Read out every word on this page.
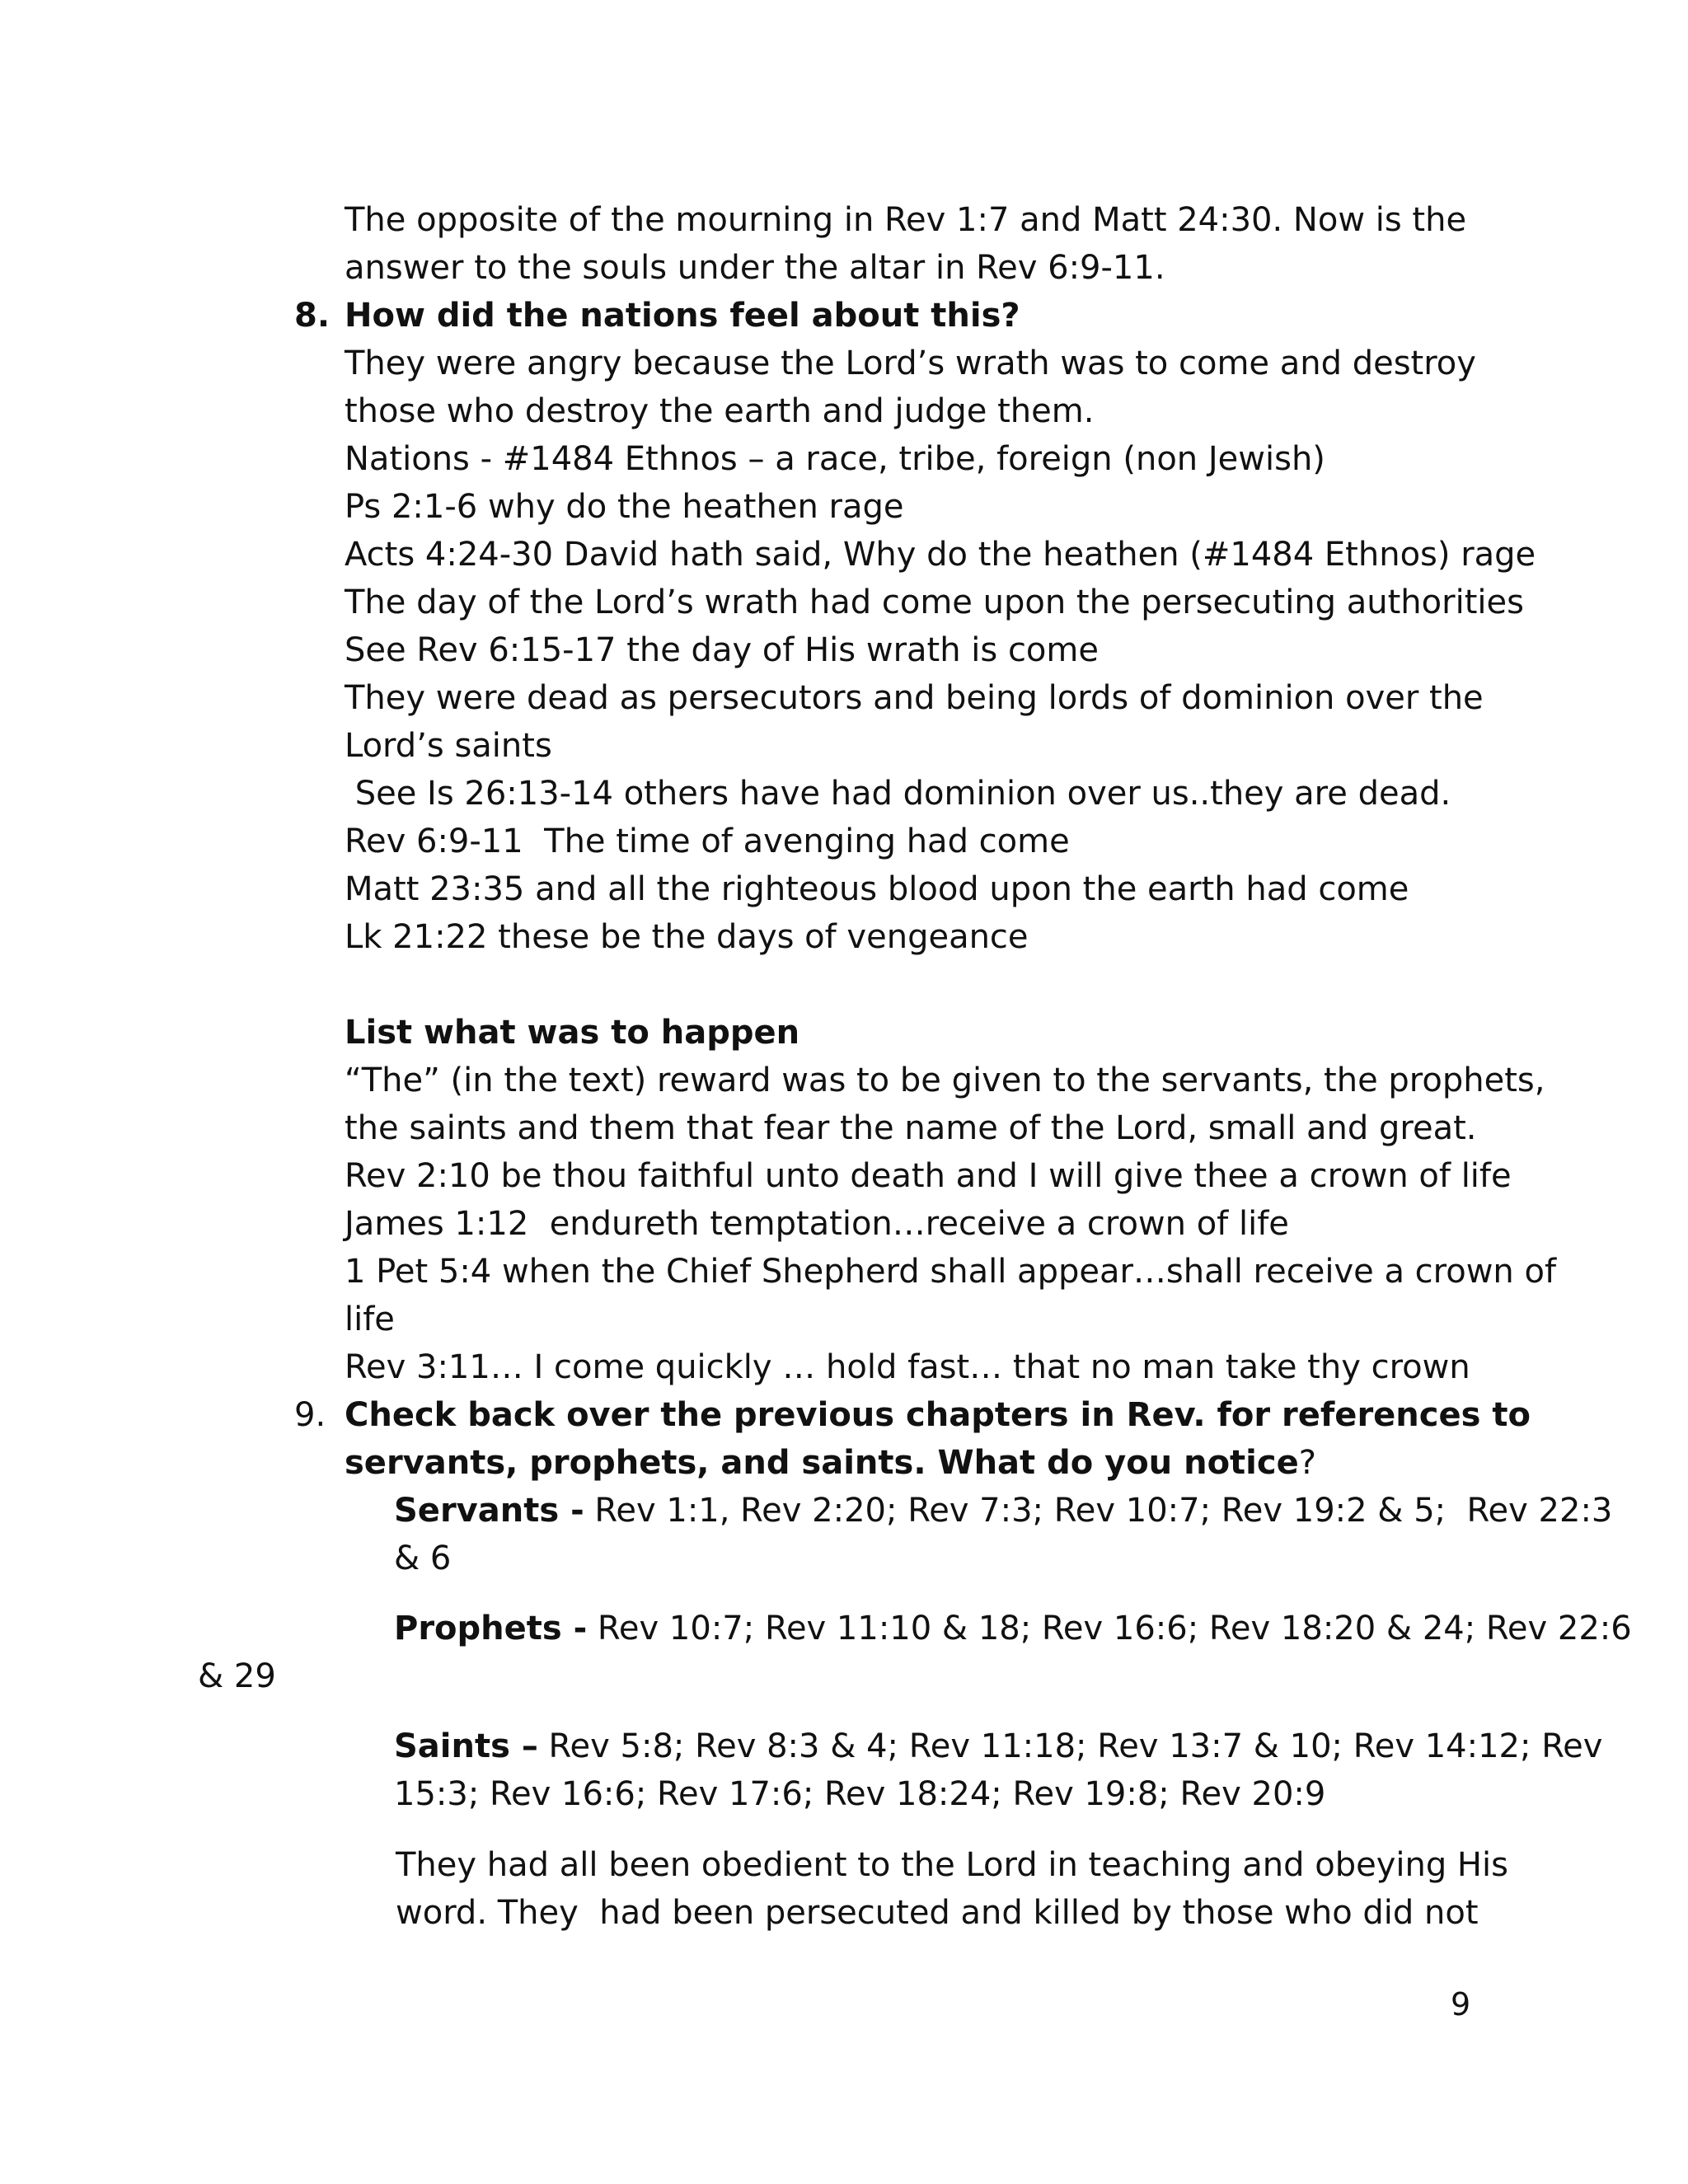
The opposite of the mourning in Rev 1:7 and Matt 24:30. Now is the
answer to the souls under the altar in Rev 6:9-11.
8. How did the nations feel about this?
They were angry because the Lord’s wrath was to come and destroy
those who destroy the earth and judge them.
Nations - #1484 Ethnos – a race, tribe, foreign (non Jewish)
Ps 2:1-6 why do the heathen rage
Acts 4:24-30 David hath said, Why do the heathen (#1484 Ethnos) rage
The day of the Lord’s wrath had come upon the persecuting authorities
See Rev 6:15-17 the day of His wrath is come
They were dead as persecutors and being lords of dominion over the
Lord’s saints
See Is 26:13-14 others have had dominion over us..they are dead.
Rev 6:9-11  The time of avenging had come
Matt 23:35 and all the righteous blood upon the earth had come
Lk 21:22 these be the days of vengeance
List what was to happen
“The” (in the text) reward was to be given to the servants, the prophets,
the saints and them that fear the name of the Lord, small and great.
Rev 2:10 be thou faithful unto death and I will give thee a crown of life
James 1:12  endureth temptation…receive a crown of life
1 Pet 5:4 when the Chief Shepherd shall appear…shall receive a crown of
life
Rev 3:11… I come quickly … hold fast… that no man take thy crown
9. Check back over the previous chapters in Rev. for references to
servants, prophets, and saints. What do you notice?
Servants - Rev 1:1, Rev 2:20; Rev 7:3; Rev 10:7; Rev 19:2 & 5;  Rev 22:3
& 6
Prophets - Rev 10:7; Rev 11:10 & 18; Rev 16:6; Rev 18:20 & 24; Rev 22:6
& 29
Saints – Rev 5:8; Rev 8:3 & 4; Rev 11:18; Rev 13:7 & 10; Rev 14:12; Rev
15:3; Rev 16:6; Rev 17:6; Rev 18:24; Rev 19:8; Rev 20:9
They had all been obedient to the Lord in teaching and obeying His
word. They  had been persecuted and killed by those who did not
9
